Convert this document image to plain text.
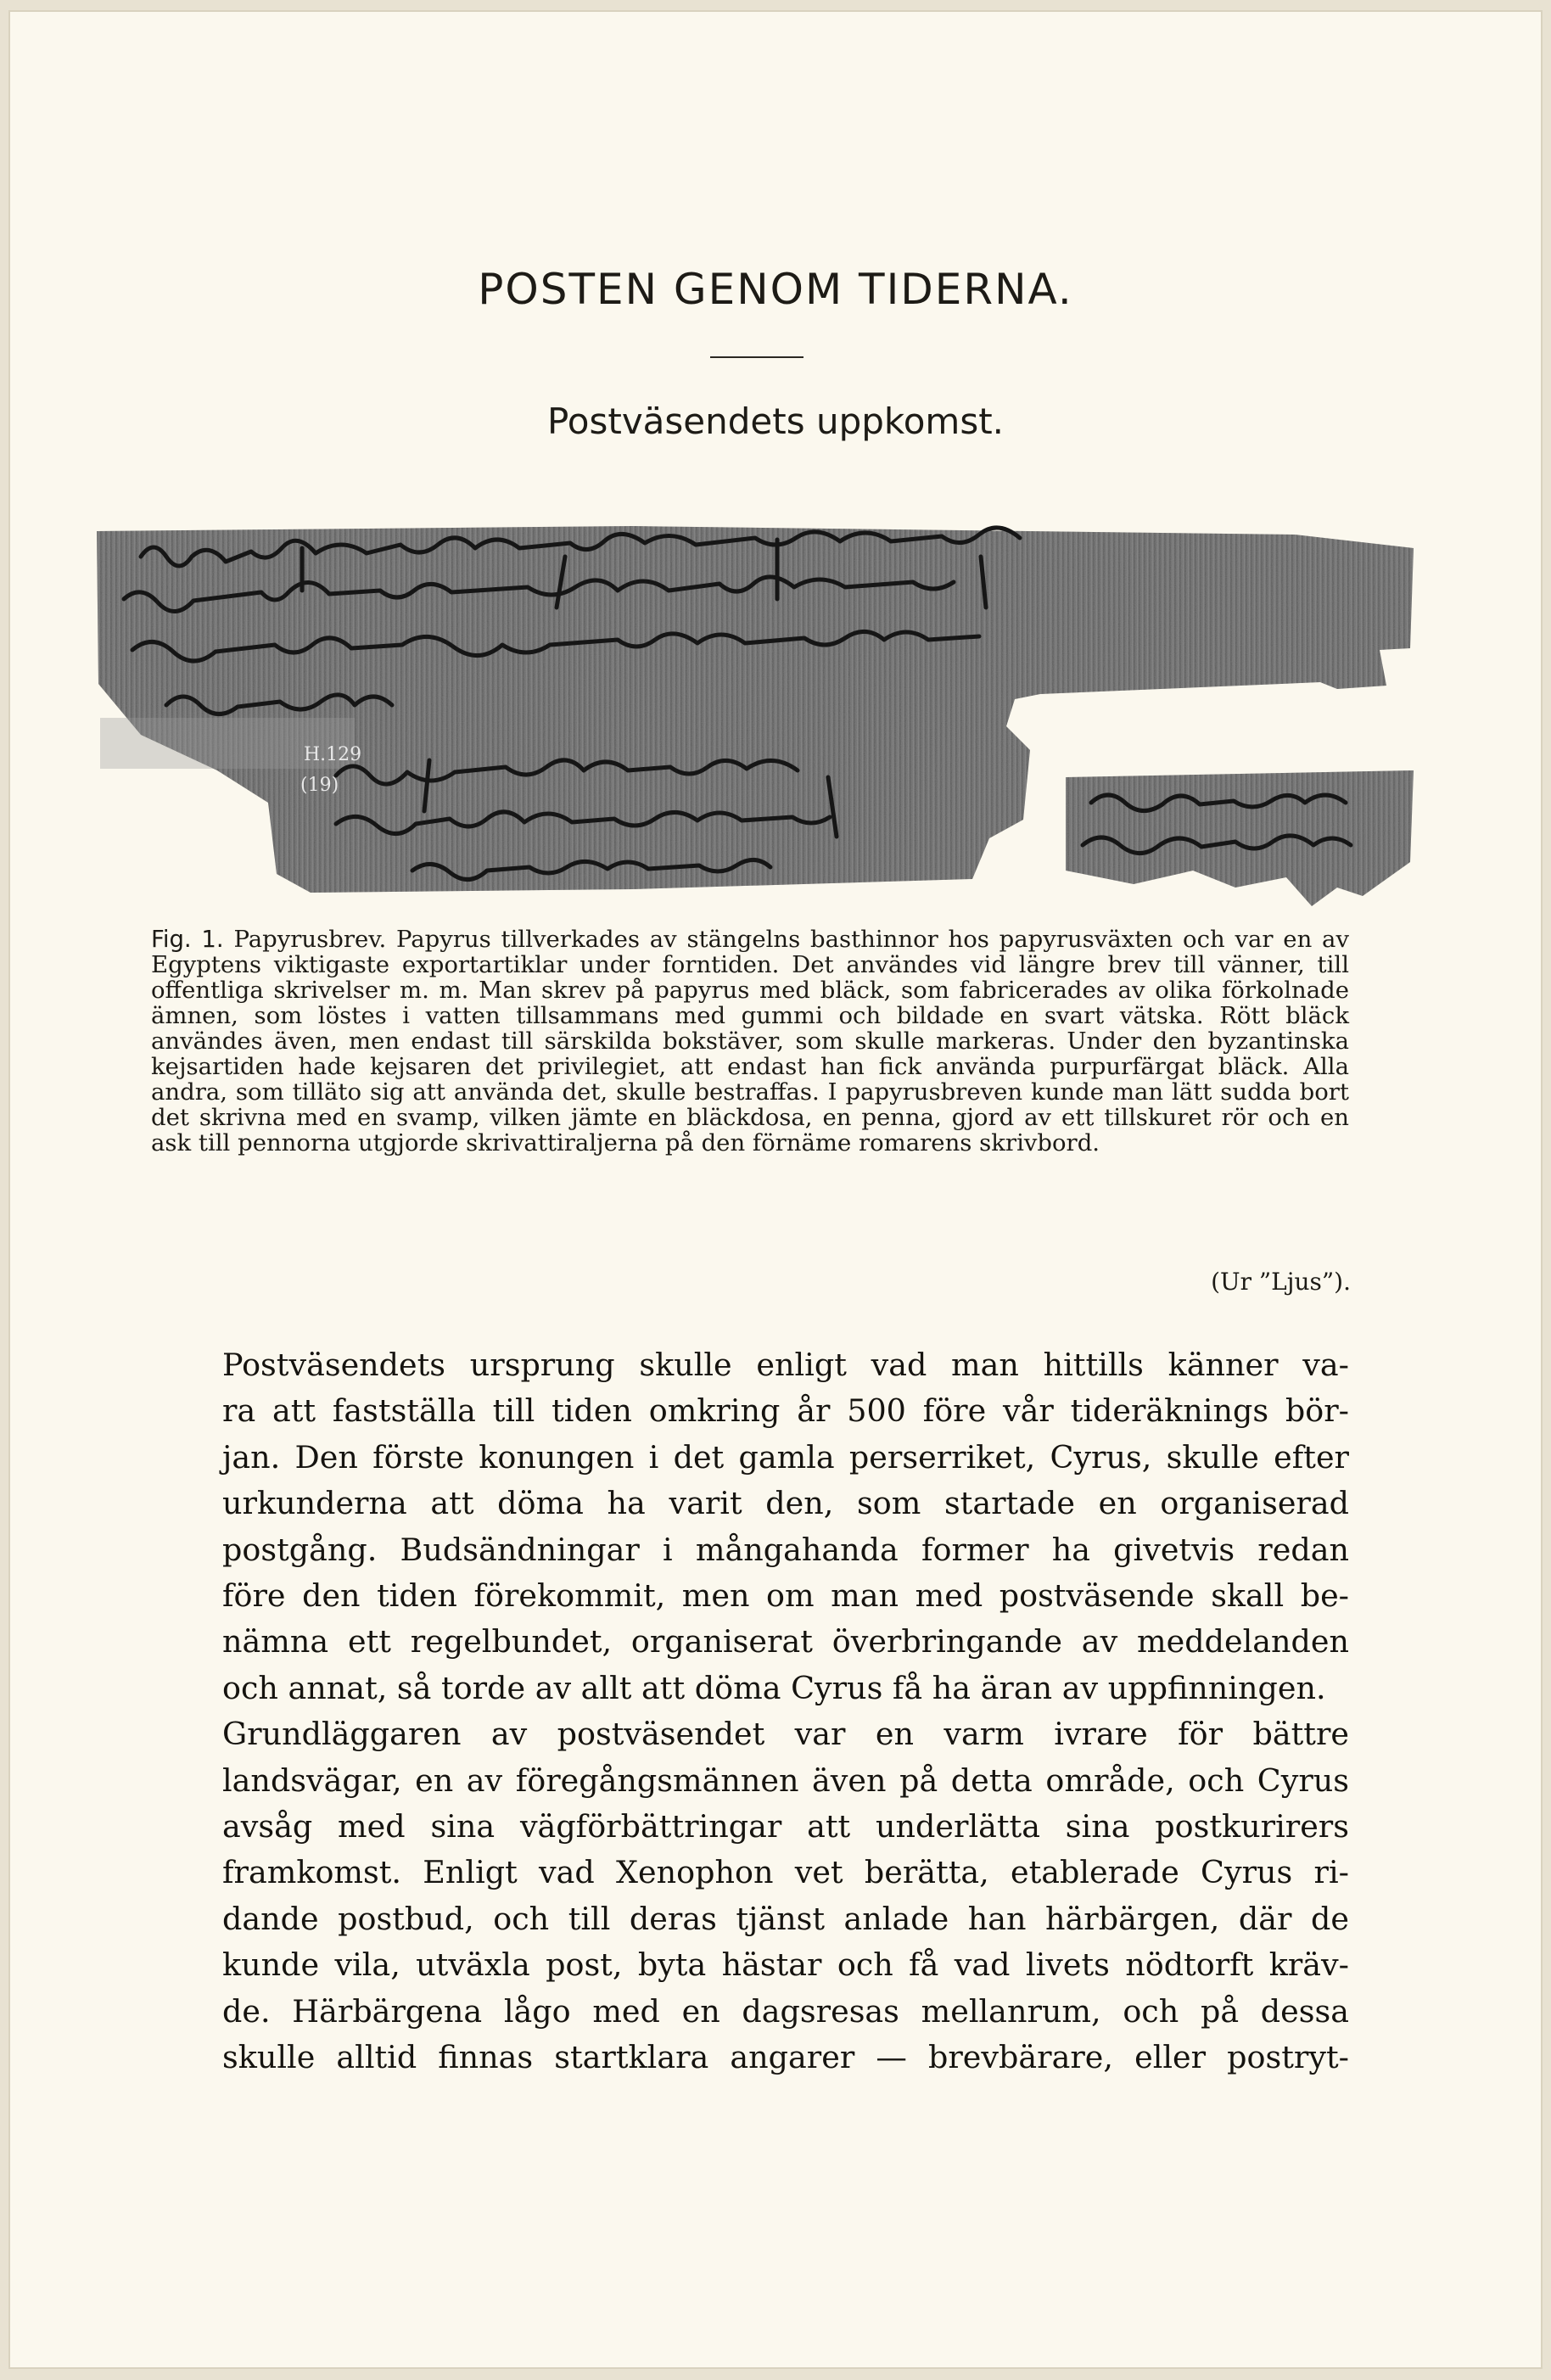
POSTEN GENOM TIDERNA.
Postväsendets uppkomst.
H.129
(19)
Fig. 1. Papyrusbrev. Papyrus tillverkades av stängelns basthinnor hos papyrusväxten och var en av Egyptens viktigaste exportartiklar under forntiden. Det användes vid längre brev till vänner, till offentliga skrivelser m. m. Man skrev på papyrus med bläck, som fabricerades av olika förkolnade ämnen, som löstes i vatten tillsammans med gummi och bildade en svart vätska. Rött bläck användes även, men endast till särskilda bokstäver, som skulle markeras. Under den byzantinska kejsartiden hade kejsaren det privilegiet, att endast han fick använda purpurfärgat bläck. Alla andra, som tilläto sig att använda det, skulle bestraffas. I papyrusbreven kunde man lätt sudda bort det skrivna med en svamp, vilken jämte en bläckdosa, en penna, gjord av ett tillskuret rör och en ask till pennorna utgjorde skrivattiraljerna på den förnäme romarens skrivbord.
(Ur ”Ljus”).

Postväsendets ursprung skulle enligt vad man hittills känner va-
ra att fastställa till tiden omkring år 500 före vår tideräknings bör-
jan. Den förste konungen i det gamla perserriket, Cyrus, skulle efter
urkunderna att döma ha varit den, som startade en organiserad
postgång. Budsändningar i mångahanda former ha givetvis redan
före den tiden förekommit, men om man med postväsende skall be-
nämna ett regelbundet, organiserat överbringande av meddelanden
och annat, så torde av allt att döma Cyrus få ha äran av uppfinningen.

Grundläggaren av postväsendet var en varm ivrare för bättre
landsvägar, en av föregångsmännen även på detta område, och Cyrus
avsåg med sina vägförbättringar att underlätta sina postkurirers
framkomst. Enligt vad Xenophon vet berätta, etablerade Cyrus ri-
dande postbud, och till deras tjänst anlade han härbärgen, där de
kunde vila, utväxla post, byta hästar och få vad livets nödtorft kräv-
de. Härbärgena lågo med en dagsresas mellanrum, och på dessa
skulle alltid finnas startklara angarer — brevbärare, eller postryt-
